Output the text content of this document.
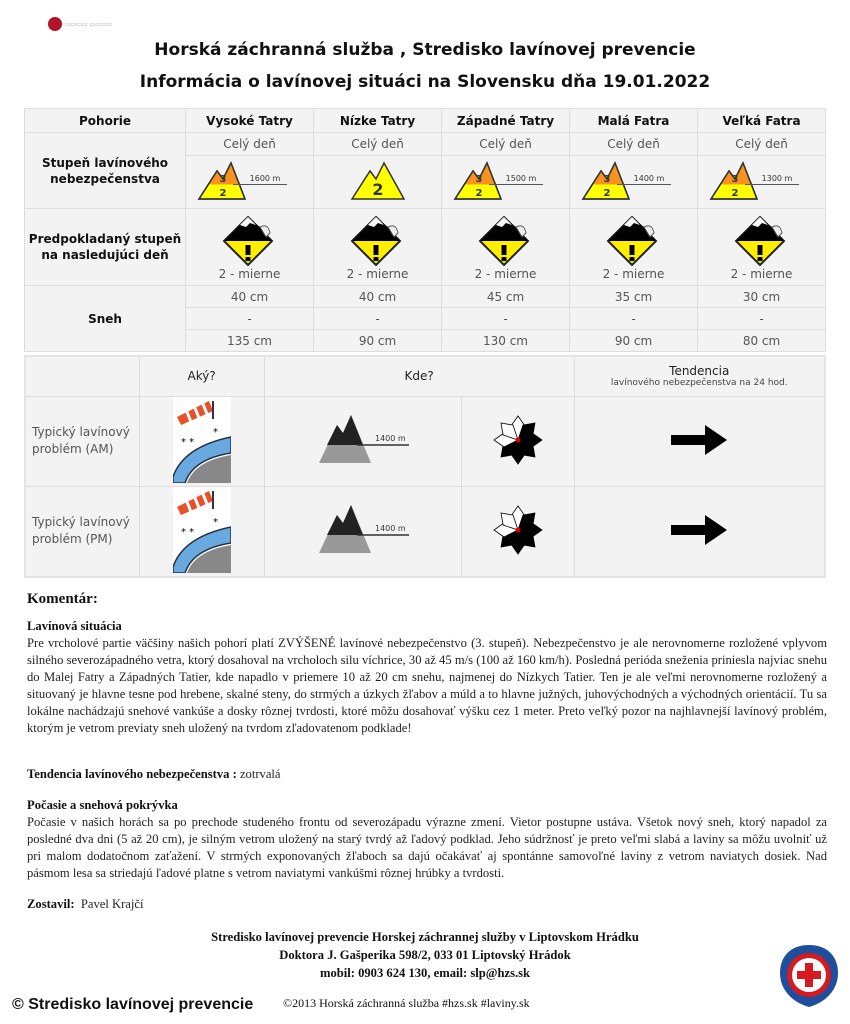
▭▭▭▭ ▭▭▭▭
Horská záchranná služba , Stredisko lavínovej prevencie
Informácia o lavínovej situáci na Slovensku dňa 19.01.2022
Pohorie	Vysoké Tatry	Nízke Tatry	Západné Tatry	Malá Fatra	Veľká Fatra
Stupeň lavínového nebezpečenstva	Celý deň	Celý deň	Celý deň	Celý deň	Celý deň

3
2
1600 m	2	3
2
1500 m	3
2
1400 m	3
2
1300 m

Predpokladaný stupeň na nasledujúci deň	2 - mierne	2 - mierne	2 - mierne	2 - mierne	2 - mierne

Sneh	40 cm	40 cm	45 cm	35 cm	30 cm
	-	-	-	-	-
	135 cm	90 cm	130 cm	90 cm	80 cm
	Aký?	Kde?		Tendencia
lavínového nebezpečenstva na 24 hod.

Typický lavínový problém (AM)	* *
*	1400 m

Typický lavínový problém (PM)	* *
*	1400 m

Komentár:
Lavínová situácia
Pre vrcholové partie väčšiny našich pohorí platí ZVÝŠENÉ lavínové nebezpečenstvo (3. stupeň). Nebezpečenstvo je ale nerovnomerne rozložené vplyvom silného severozápadného vetra, ktorý dosahoval na vrcholoch silu víchrice, 30 až 45 m/s (100 až 160 km/h). Posledná perióda sneženia priniesla najviac snehu do Malej Fatry a Západných Tatier, kde napadlo v priemere 10 až 20 cm snehu, najmenej do Nízkych Tatier. Ten je ale veľmi nerovnomerne rozložený a situovaný je hlavne tesne pod hrebene, skalné steny, do strmých a úzkych žľabov a múld a to hlavne južných, juhovýchodných a východných orientácií. Tu sa lokálne nachádzajú snehové vankúše a dosky rôznej tvrdosti, ktoré môžu dosahovať výšku cez 1 meter. Preto veľký pozor na najhlavnejší lavínový problém, ktorým je vetrom previaty sneh uložený na tvrdom zľadovatenom podklade!
Tendencia lavínového nebezpečenstva : zotrvalá
Počasie a snehová pokrývka
Počasie v našich horách sa po prechode studeného frontu od severozápadu výrazne zmení. Vietor postupne ustáva. Všetok nový sneh, ktorý napadol za posledné dva dni (5 až 20 cm), je silným vetrom uložený na starý tvrdý až ľadový podklad. Jeho súdržnosť je preto veľmi slabá a laviny sa môžu uvolniť už pri malom dodatočnom zaťažení. V strmých exponovaných žľaboch sa dajú očakávať aj spontánne samovoľné laviny z vetrom naviatych dosiek. Nad pásmom lesa sa striedajú ľadové platne s vetrom naviatymi vankúšmi rôznej hrúbky a tvrdosti.
Zostavil: Pavel Krajčí
Stredisko lavínovej prevencie Horskej záchrannej služby v Liptovskom Hrádku
Doktora J. Gašperika 598/2, 033 01 Liptovský Hrádok
mobil: 0903 624 130, email: slp@hzs.sk
© Stredisko lavínovej prevencie ©2013 Horská záchranná služba #hzs.sk #laviny.sk
